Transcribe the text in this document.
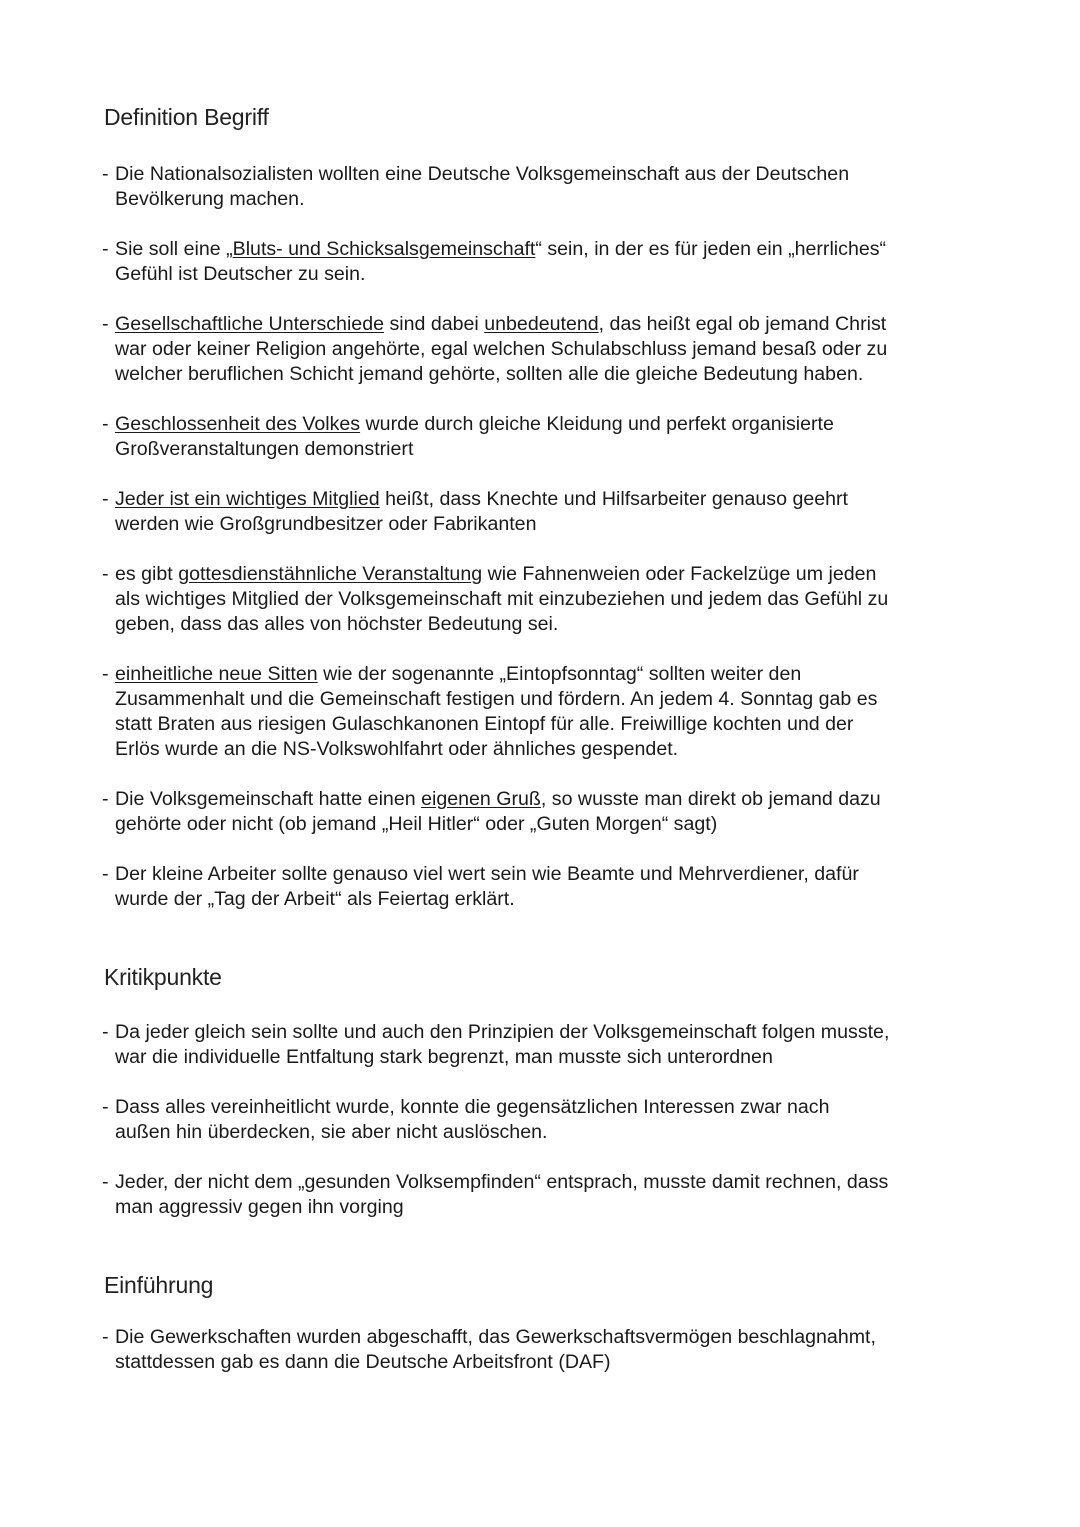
Definition Begriff
- Die Nationalsozialisten wollten eine Deutsche Volksgemeinschaft aus der Deutschen
Bevölkerung machen.
- Sie soll eine „Bluts- und Schicksalsgemeinschaft“ sein, in der es für jeden ein „herrliches“
Gefühl ist Deutscher zu sein.
- Gesellschaftliche Unterschiede sind dabei unbedeutend, das heißt egal ob jemand Christ
war oder keiner Religion angehörte, egal welchen Schulabschluss jemand besaß oder zu
welcher beruflichen Schicht jemand gehörte, sollten alle die gleiche Bedeutung haben.
- Geschlossenheit des Volkes wurde durch gleiche Kleidung und perfekt organisierte
Großveranstaltungen demonstriert
- Jeder ist ein wichtiges Mitglied heißt, dass Knechte und Hilfsarbeiter genauso geehrt
werden wie Großgrundbesitzer oder Fabrikanten
- es gibt gottesdienstähnliche Veranstaltung wie Fahnenweien oder Fackelzüge um jeden
als wichtiges Mitglied der Volksgemeinschaft mit einzubeziehen und jedem das Gefühl zu
geben, dass das alles von höchster Bedeutung sei.
- einheitliche neue Sitten wie der sogenannte „Eintopfsonntag“ sollten weiter den
Zusammenhalt und die Gemeinschaft festigen und fördern. An jedem 4. Sonntag gab es
statt Braten aus riesigen Gulaschkanonen Eintopf für alle. Freiwillige kochten und der
Erlös wurde an die NS-Volkswohlfahrt oder ähnliches gespendet.
- Die Volksgemeinschaft hatte einen eigenen Gruß, so wusste man direkt ob jemand dazu
gehörte oder nicht (ob jemand „Heil Hitler“ oder „Guten Morgen“ sagt)
- Der kleine Arbeiter sollte genauso viel wert sein wie Beamte und Mehrverdiener, dafür
wurde der „Tag der Arbeit“ als Feiertag erklärt.
Kritikpunkte
- Da jeder gleich sein sollte und auch den Prinzipien der Volksgemeinschaft folgen musste,
war die individuelle Entfaltung stark begrenzt, man musste sich unterordnen
- Dass alles vereinheitlicht wurde, konnte die gegensätzlichen Interessen zwar nach
außen hin überdecken, sie aber nicht auslöschen.
- Jeder, der nicht dem „gesunden Volksempfinden“ entsprach, musste damit rechnen, dass
man aggressiv gegen ihn vorging
Einführung
- Die Gewerkschaften wurden abgeschafft, das Gewerkschaftsvermögen beschlagnahmt,
stattdessen gab es dann die Deutsche Arbeitsfront (DAF)
